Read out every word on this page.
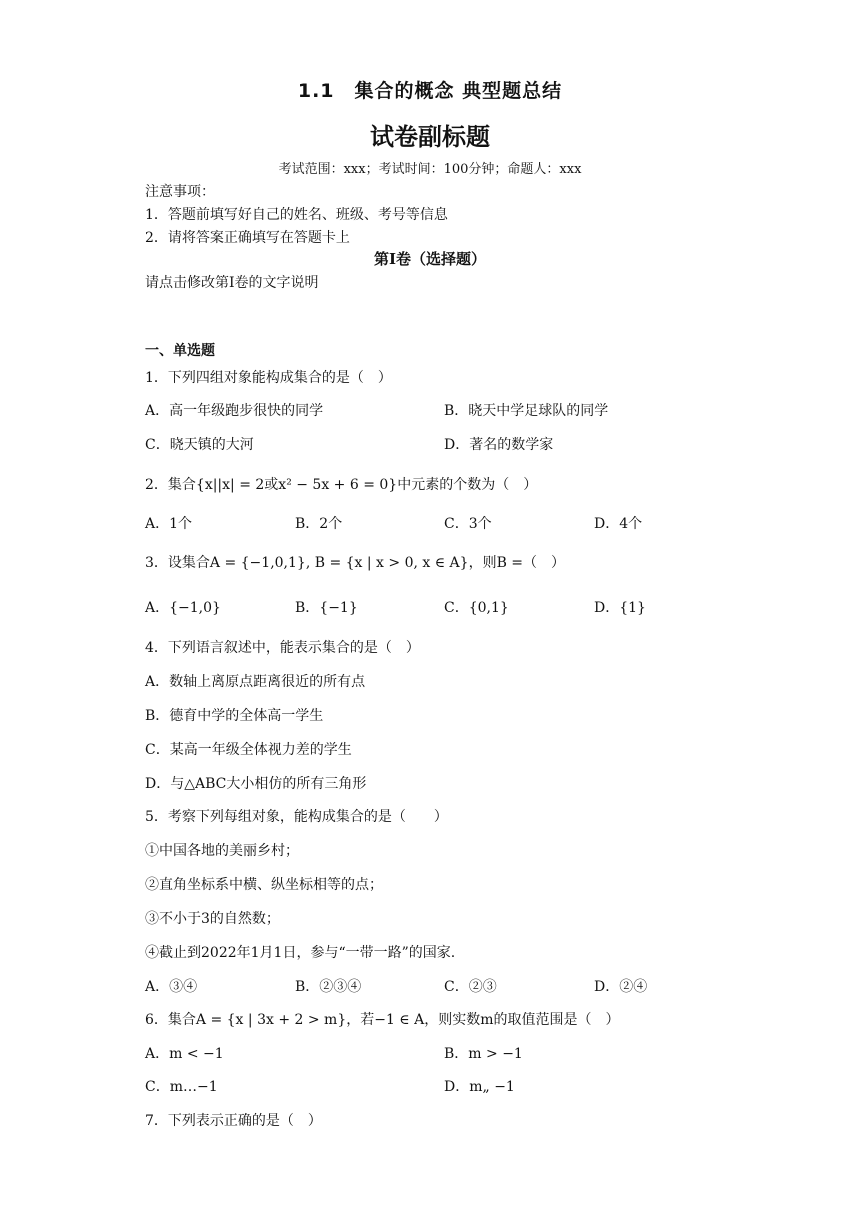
1.1　集合的概念 典型题总结
试卷副标题
考试范围：xxx；考试时间：100分钟；命题人：xxx
注意事项：
1．答题前填写好自己的姓名、班级、考号等信息
2．请将答案正确填写在答题卡上
第I卷（选择题）
请点击修改第I卷的文字说明
一、单选题
1．下列四组对象能构成集合的是（　）
A．高一年级跑步很快的同学	B．晓天中学足球队的同学
C．晓天镇的大河	D．著名的数学家
2．集合{x||x| = 2或x² − 5x + 6 = 0}中元素的个数为（　）
A．1个	B．2个	C．3个	D．4个
3．设集合A = {−1,0,1}, B = {x | x > 0, x ∈ A}，则B =（　）
A．{−1,0}	B．{−1}	C．{0,1}	D．{1}
4．下列语言叙述中，能表示集合的是（　）
A．数轴上离原点距离很近的所有点
B．德育中学的全体高一学生
C．某高一年级全体视力差的学生
D．与△ABC大小相仿的所有三角形
5．考察下列每组对象，能构成集合的是（　　）
①中国各地的美丽乡村；
②直角坐标系中横、纵坐标相等的点；
③不小于3的自然数；
④截止到2022年1月1日，参与“一带一路”的国家.
A．③④	B．②③④	C．②③	D．②④
6．集合A = {x | 3x + 2 > m}，若−1 ∈ A，则实数m的取值范围是（　）
A．m < −1	B．m > −1
C．m…−1	D．m„ −1
7．下列表示正确的是（　）
